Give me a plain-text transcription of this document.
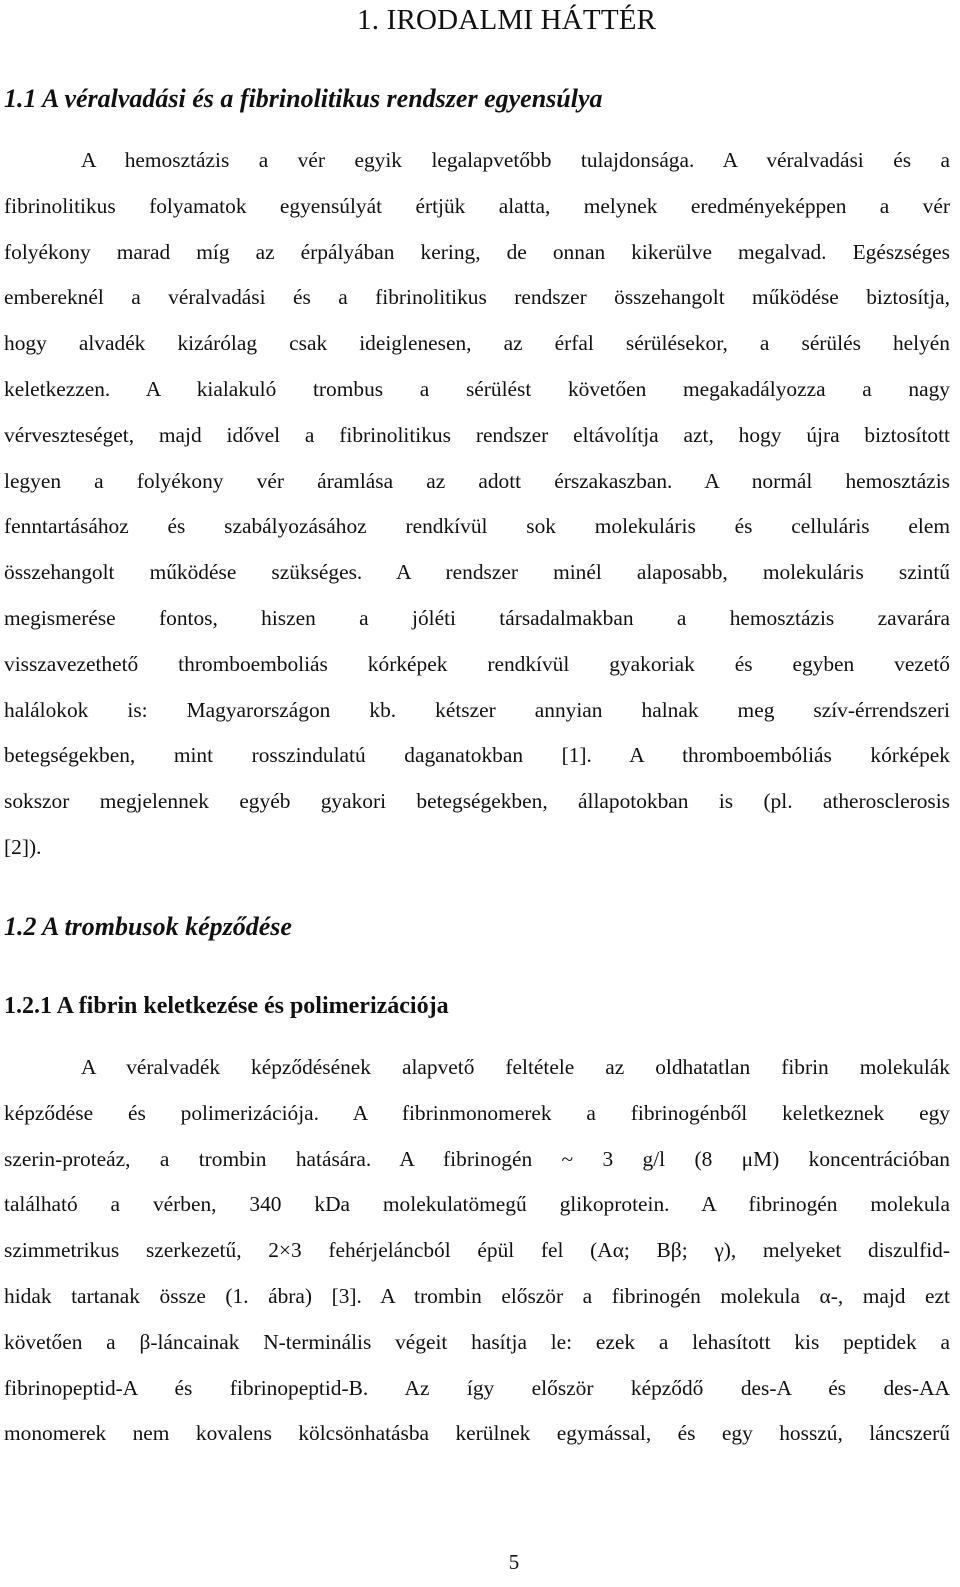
1. IRODALMI HÁTTÉR
1.1 A véralvadási és a fibrinolitikus rendszer egyensúlya
A hemosztázis a vér egyik legalapvetőbb tulajdonsága. A véralvadási és a
fibrinolitikus folyamatok egyensúlyát értjük alatta, melynek eredményeképpen a vér
folyékony marad míg az érpályában kering, de onnan kikerülve megalvad. Egészséges
embereknél a véralvadási és a fibrinolitikus rendszer összehangolt működése biztosítja,
hogy alvadék kizárólag csak ideiglenesen, az érfal sérülésekor, a sérülés helyén
keletkezzen. A kialakuló trombus a sérülést követően megakadályozza a nagy
vérveszteséget, majd idővel a fibrinolitikus rendszer eltávolítja azt, hogy újra biztosított
legyen a folyékony vér áramlása az adott érszakaszban. A normál hemosztázis
fenntartásához és szabályozásához rendkívül sok molekuláris és celluláris elem
összehangolt működése szükséges. A rendszer minél alaposabb, molekuláris szintű
megismerése fontos, hiszen a jóléti társadalmakban a hemosztázis zavarára
visszavezethető thromboemboliás kórképek rendkívül gyakoriak és egyben vezető
halálokok is: Magyarországon kb. kétszer annyian halnak meg szív-érrendszeri
betegségekben, mint rosszindulatú daganatokban [1]. A thromboembóliás kórképek
sokszor megjelennek egyéb gyakori betegségekben, állapotokban is (pl. atherosclerosis
[2]).
1.2 A trombusok képződése
1.2.1 A fibrin keletkezése és polimerizációja
A véralvadék képződésének alapvető feltétele az oldhatatlan fibrin molekulák
képződése és polimerizációja. A fibrinmonomerek a fibrinogénből keletkeznek egy
szerin-proteáz, a trombin hatására. A fibrinogén ~ 3 g/l (8 μM) koncentrációban
található a vérben, 340 kDa molekulatömegű glikoprotein. A fibrinogén molekula
szimmetrikus szerkezetű, 2×3 fehérjeláncból épül fel (Aα; Bβ; γ), melyeket diszulfid-
hidak tartanak össze (1. ábra) [3]. A trombin először a fibrinogén molekula α-, majd ezt
követően a β-láncainak N-terminális végeit hasítja le: ezek a lehasított kis peptidek a
fibrinopeptid-A és fibrinopeptid-B. Az így először képződő des-A és des-AA
monomerek nem kovalens kölcsönhatásba kerülnek egymással, és egy hosszú, láncszerű

5
